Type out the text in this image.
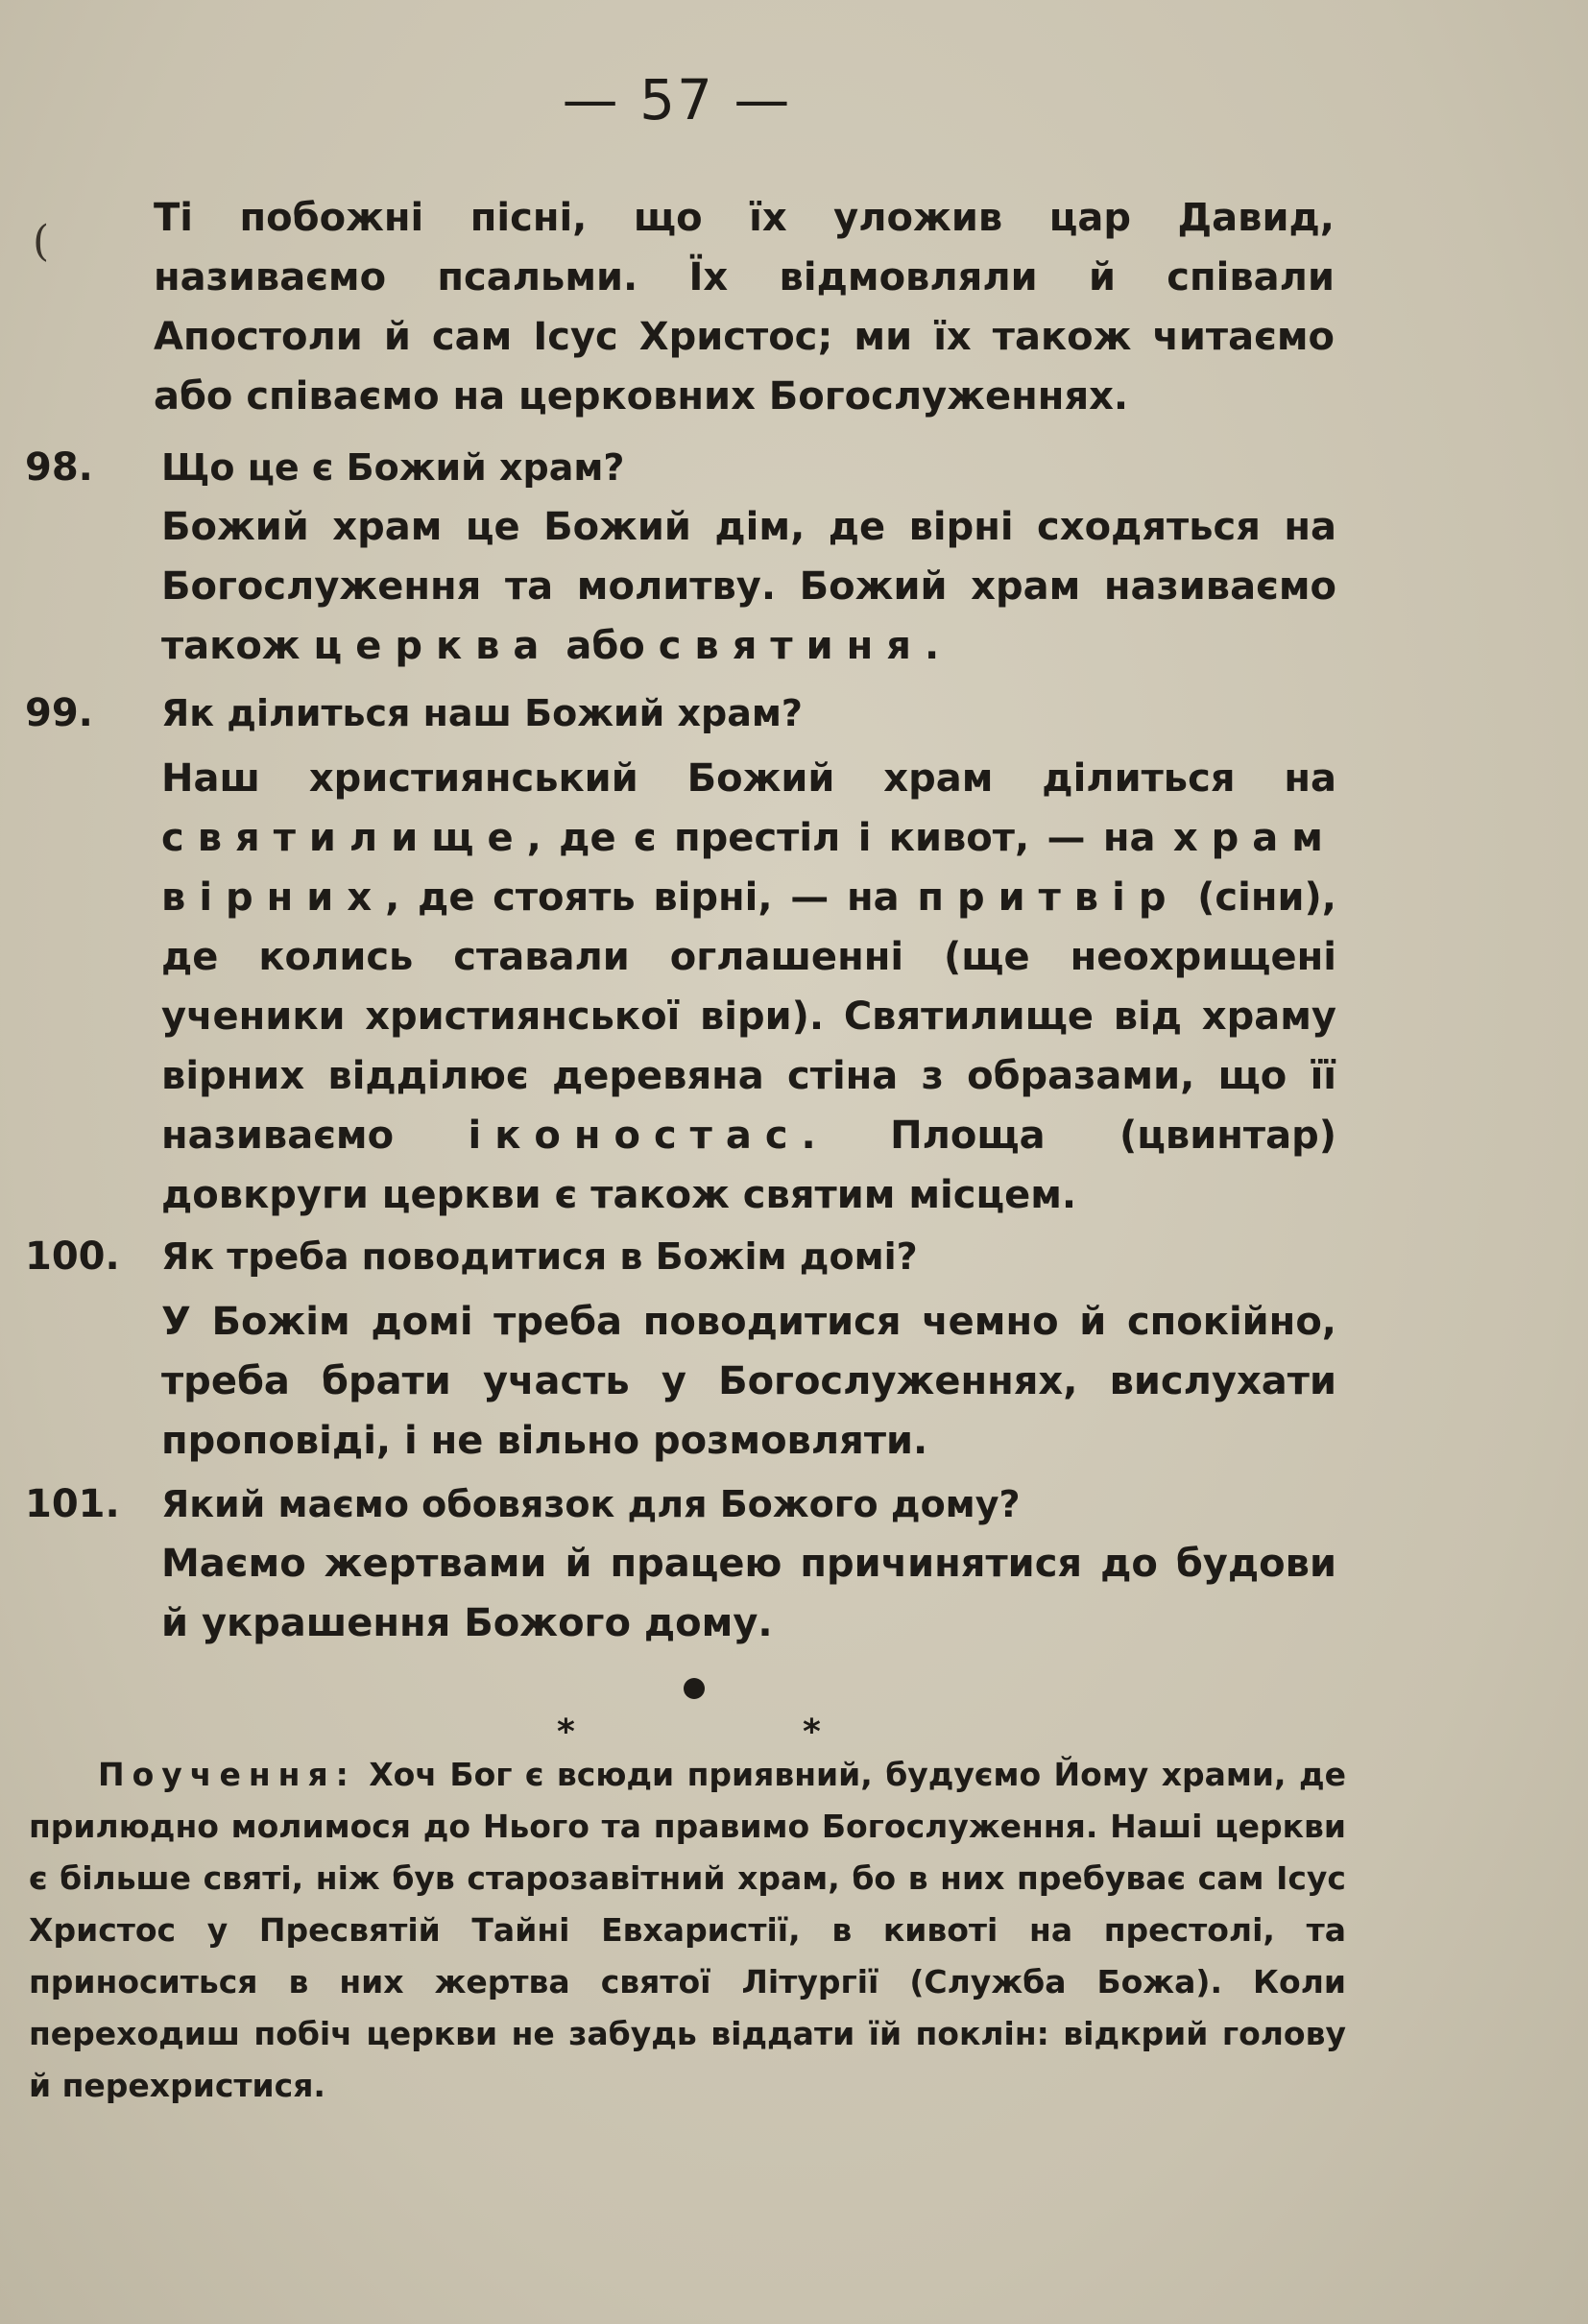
(
— 57 —
Ті побожні пісні, що їх уложив цар Давид, називаємо псальми. Їх відмовляли й співали Апостоли й сам Ісус Христос; ми їх також читаємо або співаємо на церковних Богослуженнях.
98. Що це є Божий храм?
Божий храм це Божий дім, де вірні сходяться на Богослуження та молитву. Божий храм називаємо також церква або святиня.
99. Як ділиться наш Божий храм?
Наш християнський Божий храм ділиться на святилище, де є престіл і кивот, — на храм вірних, де стоять вірні, — на притвір (сіни), де колись ставали оглашенні (ще неохрищені ученики християнської віри). Святилище від храму вірних відділює деревяна стіна з образами, що її називаємо іконостас. Площа (цвинтар) довкруги церкви є також святим місцем.
100. Як треба поводитися в Божім домі?
У Божім домі треба поводитися чемно й спокійно, треба брати участь у Богослуженнях, вислухати проповіді, і не вільно розмовляти.
101. Який маємо обовязок для Божого дому?
Маємо жертвами й працею причинятися до будови й украшення Божого дому.
*	*
Поучення: Хоч Бог є всюди приявний, будуємо Йому храми, де прилюдно молимося до Нього та правимо Богослуження. Наші церкви є більше святі, ніж був старозавітний храм, бо в них пребуває сам Ісус Христос у Пресвятій Тайні Евхаристії, в кивоті на престолі, та приноситься в них жертва святої Літургії (Служба Божа). Коли переходиш побіч церкви не забудь віддати їй поклін: відкрий голову й перехристися.
